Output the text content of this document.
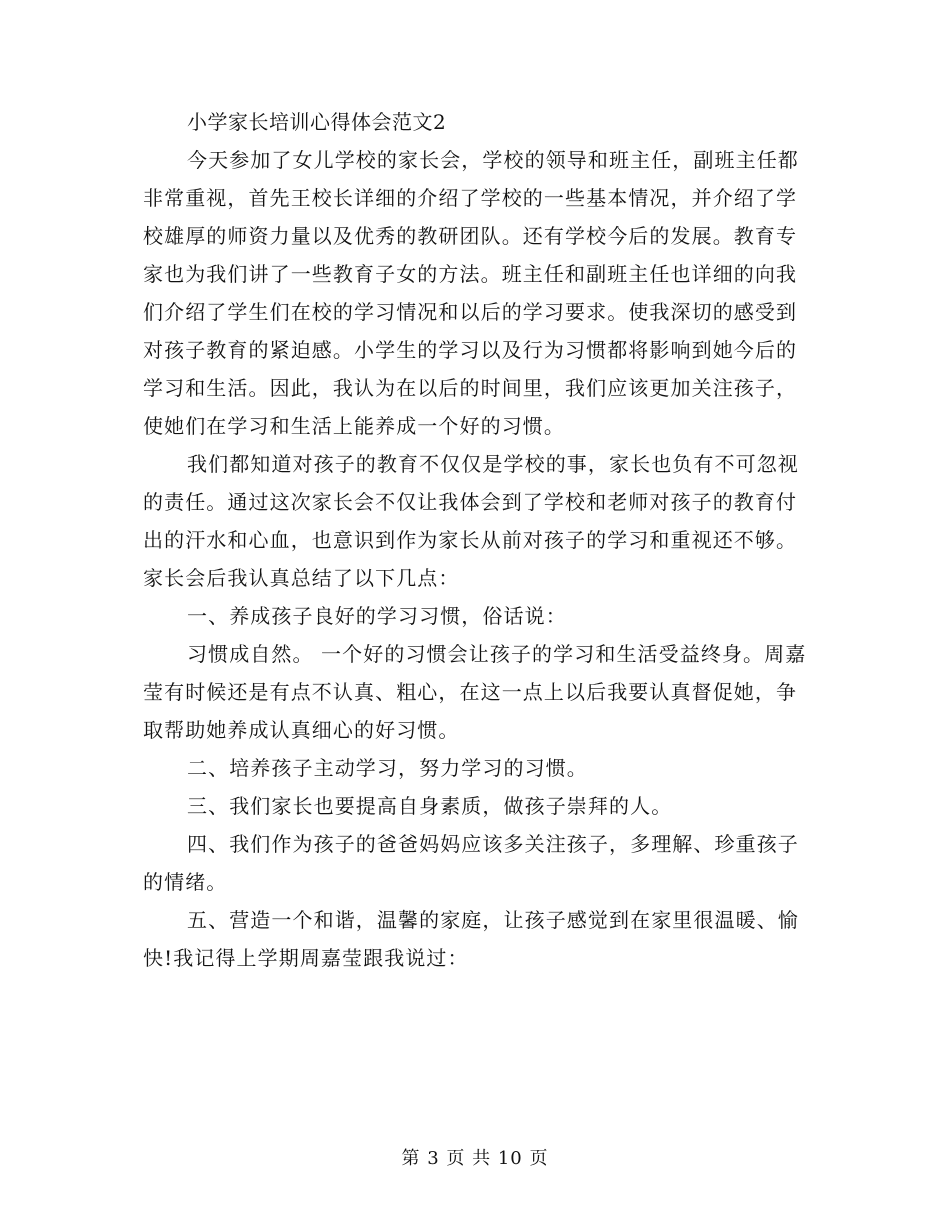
小学家长培训心得体会范文2

今天参加了女儿学校的家长会，学校的领导和班主任，副班主任都非常重视，首先王校长详细的介绍了学校的一些基本情况，并介绍了学校雄厚的师资力量以及优秀的教研团队。还有学校今后的发展。教育专家也为我们讲了一些教育子女的方法。班主任和副班主任也详细的向我们介绍了学生们在校的学习情况和以后的学习要求。使我深切的感受到对孩子教育的紧迫感。小学生的学习以及行为习惯都将影响到她今后的学习和生活。因此，我认为在以后的时间里，我们应该更加关注孩子，使她们在学习和生活上能养成一个好的习惯。

我们都知道对孩子的教育不仅仅是学校的事，家长也负有不可忽视的责任。通过这次家长会不仅让我体会到了学校和老师对孩子的教育付出的汗水和心血，也意识到作为家长从前对孩子的学习和重视还不够。家长会后我认真总结了以下几点：

一、养成孩子良好的学习习惯，俗话说：

习惯成自然。 一个好的习惯会让孩子的学习和生活受益终身。周嘉莹有时候还是有点不认真、粗心，在这一点上以后我要认真督促她，争取帮助她养成认真细心的好习惯。

二、培养孩子主动学习，努力学习的习惯。

三、我们家长也要提高自身素质，做孩子崇拜的人。

四、我们作为孩子的爸爸妈妈应该多关注孩子，多理解、珍重孩子的情绪。

五、营造一个和谐，温馨的家庭，让孩子感觉到在家里很温暖、愉快!我记得上学期周嘉莹跟我说过：

第 3 页 共 10 页
